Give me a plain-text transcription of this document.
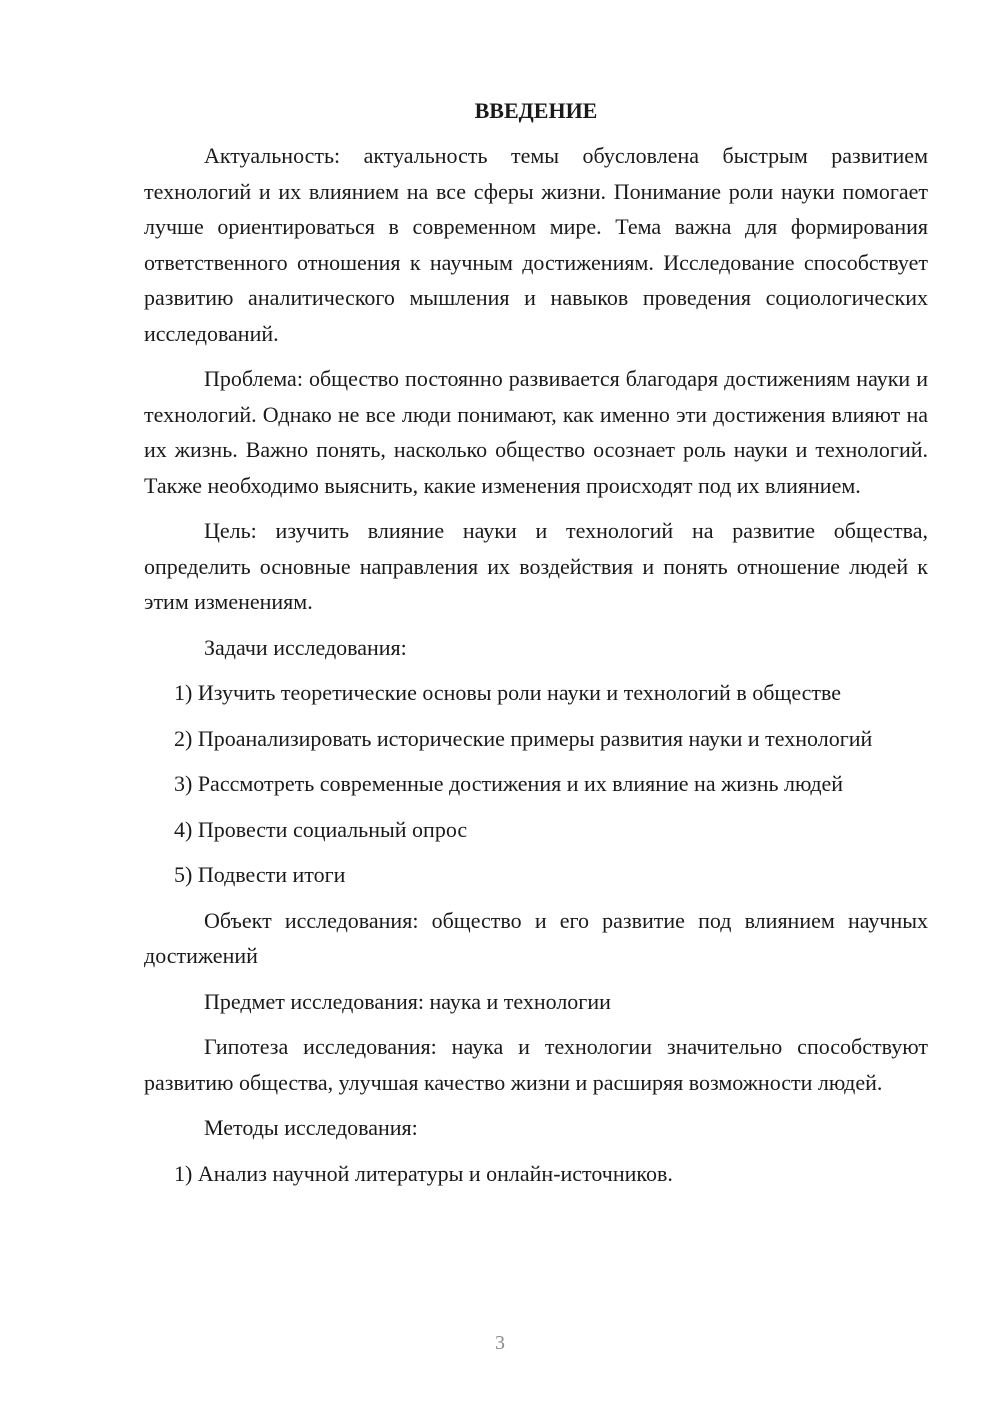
ВВЕДЕНИЕ

Актуальность: актуальность темы обусловлена быстрым развитием технологий и их влиянием на все сферы жизни. Понимание роли науки помогает лучше ориентироваться в современном мире. Тема важна для формирования ответственного отношения к научным достижениям. Исследование способствует развитию аналитического мышления и навыков проведения социологических исследований.

Проблема: общество постоянно развивается благодаря достижениям науки и технологий. Однако не все люди понимают, как именно эти достижения влияют на их жизнь. Важно понять, насколько общество осознает роль науки и технологий. Также необходимо выяснить, какие изменения происходят под их влиянием.

Цель: изучить влияние науки и технологий на развитие общества, определить основные направления их воздействия и понять отношение людей к этим изменениям.

Задачи исследования:

1) Изучить теоретические основы роли науки и технологий в обществе

2) Проанализировать исторические примеры развития науки и технологий

3) Рассмотреть современные достижения и их влияние на жизнь людей

4) Провести социальный опрос

5) Подвести итоги

Объект исследования: общество и его развитие под влиянием научных достижений

Предмет исследования: наука и технологии

Гипотеза исследования: наука и технологии значительно способствуют развитию общества, улучшая качество жизни и расширяя возможности людей.

Методы исследования:

1) Анализ научной литературы и онлайн-источников.

3
